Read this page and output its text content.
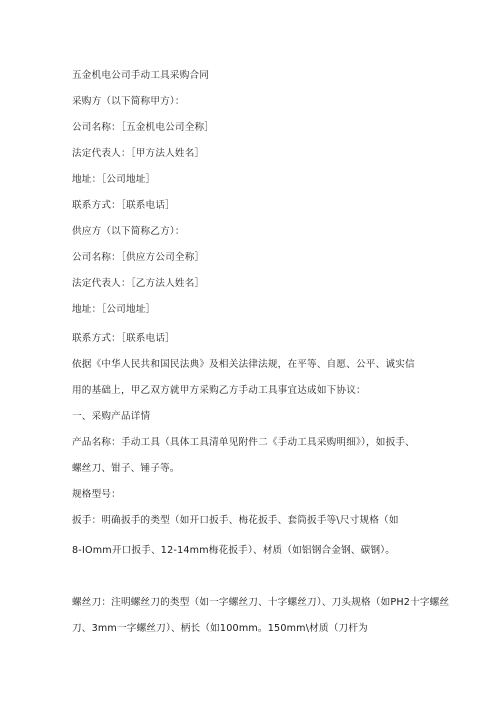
五金机电公司手动工具采购合同
采购方（以下简称甲方）：
公司名称：［五金机电公司全称］
法定代表人：［甲方法人姓名］
地址：［公司地址］
联系方式：［联系电话］
供应方（以下简称乙方）：
公司名称：［供应方公司全称］
法定代表人：［乙方法人姓名］
地址：［公司地址］
联系方式：［联系电话］
依据《中华人民共和国民法典》及相关法律法规，在平等、自愿、公平、诚实信
用的基础上，甲乙双方就甲方采购乙方手动工具事宜达成如下协议：
一、采购产品详情
产品名称：手动工具（具体工具清单见附件二《手动工具采购明细》），如扳手、
螺丝刀、钳子、锤子等。
规格型号：
扳手：明确扳手的类型（如开口扳手、梅花扳手、套筒扳手等\尺寸规格（如
8-IOmm开口扳手、12-14mm梅花扳手）、材质（如铝钢合金钢、碳钢）。
螺丝刀：注明螺丝刀的类型（如一字螺丝刀、十字螺丝刀）、刀头规格（如PH2十字螺丝
刀、3mm一字螺丝刀）、柄长（如100mm。150mm\材质（刀杆为
